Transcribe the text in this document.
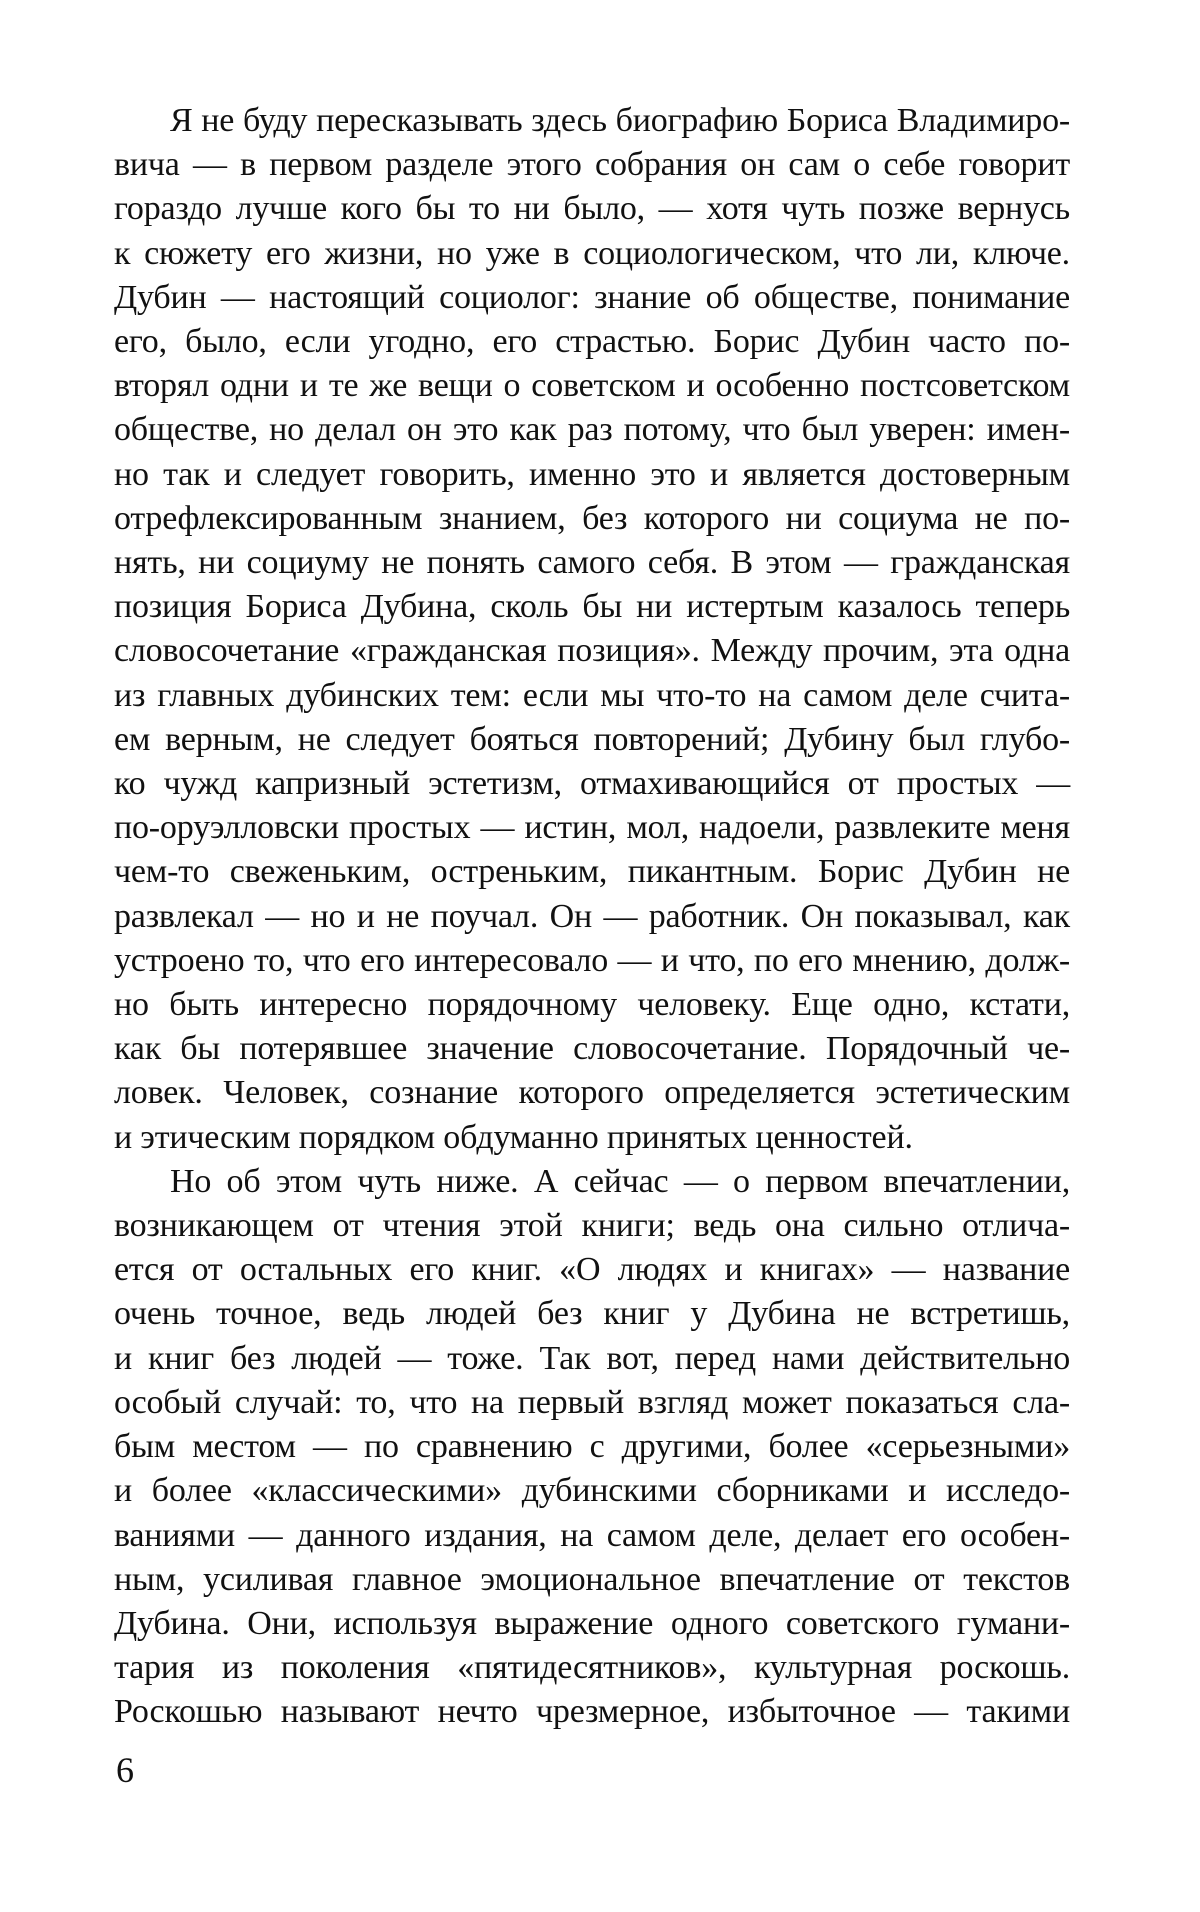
Я не буду пересказывать здесь биографию Бориса Владимиро-
вича — в первом разделе этого собрания он сам о себе говорит
гораздо лучше кого бы то ни было, — хотя чуть позже вернусь
к сюжету его жизни, но уже в социологическом, что ли, ключе.
Дубин — настоящий социолог: знание об обществе, понимание
его, было, если угодно, его страстью. Борис Дубин часто по-
вторял одни и те же вещи о советском и особенно постсоветском
обществе, но делал он это как раз потому, что был уверен: имен-
но так и следует говорить, именно это и является достоверным
отрефлексированным знанием, без которого ни социума не по-
нять, ни социуму не понять самого себя. В этом — гражданская
позиция Бориса Дубина, сколь бы ни истертым казалось теперь
словосочетание «гражданская позиция». Между прочим, эта одна
из главных дубинских тем: если мы что-то на самом деле счита-
ем верным, не следует бояться повторений; Дубину был глубо-
ко чужд капризный эстетизм, отмахивающийся от простых —
по-оруэлловски простых — истин, мол, надоели, развлеките меня
чем-то свеженьким, остреньким, пикантным. Борис Дубин не
развлекал — но и не поучал. Он — работник. Он показывал, как
устроено то, что его интересовало — и что, по его мнению, долж-
но быть интересно порядочному человеку. Еще одно, кстати,
как бы потерявшее значение словосочетание. Порядочный че-
ловек. Человек, сознание которого определяется эстетическим
и этическим порядком обдуманно принятых ценностей.
Но об этом чуть ниже. А сейчас — о первом впечатлении,
возникающем от чтения этой книги; ведь она сильно отлича-
ется от остальных его книг. «О людях и книгах» — название
очень точное, ведь людей без книг у Дубина не встретишь,
и книг без людей — тоже. Так вот, перед нами действительно
особый случай: то, что на первый взгляд может показаться сла-
бым местом — по сравнению с другими, более «серьезными»
и более «классическими» дубинскими сборниками и исследо-
ваниями — данного издания, на самом деле, делает его особен-
ным, усиливая главное эмоциональное впечатление от текстов
Дубина. Они, используя выражение одного советского гумани-
тария из поколения «пятидесятников», культурная роскошь.
Роскошью называют нечто чрезмерное, избыточное — такими
6
